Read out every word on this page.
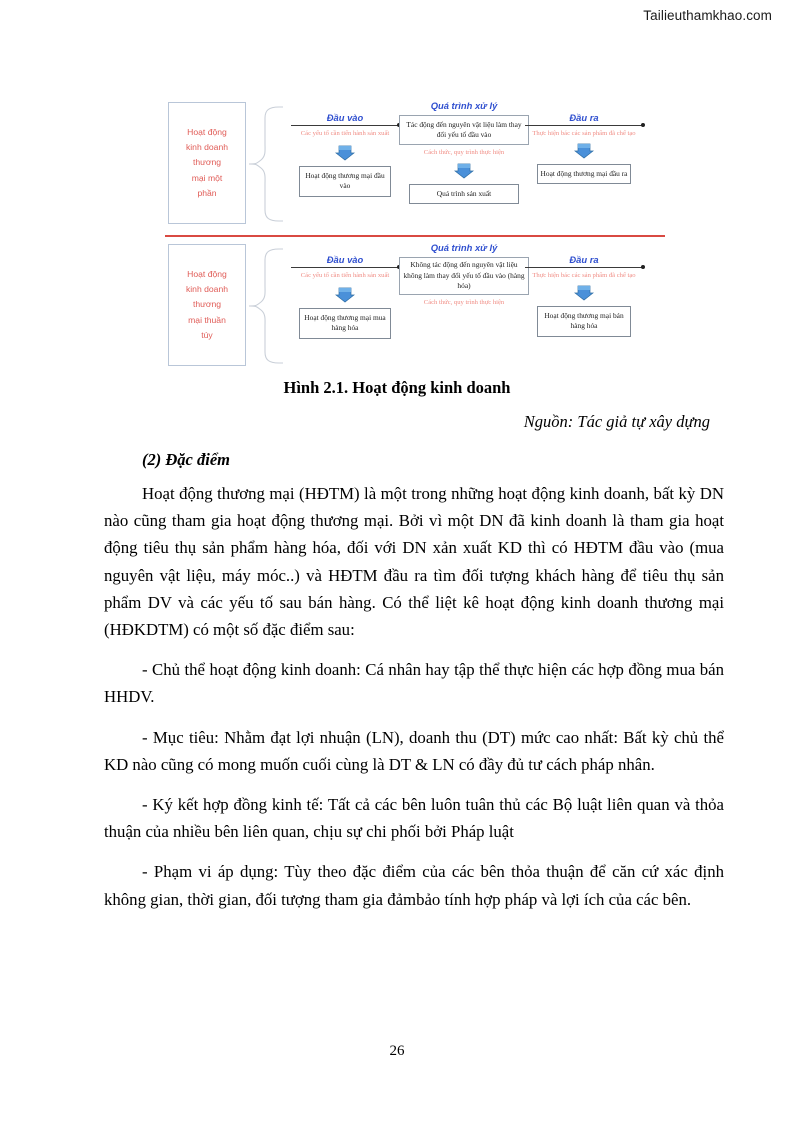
Tailieuthamkhao.com
Hoạt động
kinh doanh
thương
mại một
phần
Đầu vào
Các yếu tố cần tiến hành sản xuất
Hoạt động thương mại đầu vào
Quá trình xử lý
Tác động đến nguyên vật liệu làm thay đổi yếu tố đầu vào
Cách thức, quy trình thực hiện
Quá trình sản xuất
Đầu ra
Thực hiện bác các sản phẩm đã chế tạo
Hoạt động thương mại đầu ra
Hoạt động
kinh doanh
thương
mại thuần
túy
Đầu vào
Các yếu tố cần tiến hành sản xuất
Hoạt động thương mại mua hàng hóa
Quá trình xử lý
Không tác động đến nguyên vật liệu không làm thay đổi yếu tố đầu vào (hàng hóa)
Cách thức, quy trình thực hiện
Đầu ra
Thực hiện bác các sản phẩm đã chế tạo
Hoạt động thương mại bán hàng hóa
Hình 2.1. Hoạt động kinh doanh
Nguồn: Tác giả tự xây dựng
(2) Đặc điểm

Hoạt động thương mại (HĐTM) là một trong những hoạt động kinh doanh, bất kỳ DN nào cũng tham gia hoạt động thương mại. Bởi vì một DN đã kinh doanh là tham gia hoạt động tiêu thụ sản phẩm hàng hóa, đối với DN xản xuất KD thì có HĐTM đầu vào (mua nguyên vật liệu, máy móc..) và HĐTM đầu ra tìm đối tượng khách hàng để tiêu thụ sản phẩm DV và các yếu tố sau bán hàng. Có thể liệt kê hoạt động kinh doanh thương mại (HĐKDTM) có một số đặc điểm sau:

- Chủ thể hoạt động kinh doanh: Cá nhân hay tập thể thực hiện các hợp đồng mua bán HHDV.

- Mục tiêu: Nhằm đạt lợi nhuận (LN), doanh thu (DT) mức cao nhất: Bất kỳ chủ thể KD nào cũng có mong muốn cuối cùng là DT & LN có đầy đủ tư cách pháp nhân.

- Ký kết hợp đồng kinh tế: Tất cả các bên luôn tuân thủ các Bộ luật liên quan và thỏa thuận của nhiều bên liên quan, chịu sự chi phối bởi Pháp luật

- Phạm vi áp dụng: Tùy theo đặc điểm của các bên thỏa thuận để căn cứ xác định không gian, thời gian, đối tượng tham gia đảmbảo tính hợp pháp và lợi ích của các bên.

26
